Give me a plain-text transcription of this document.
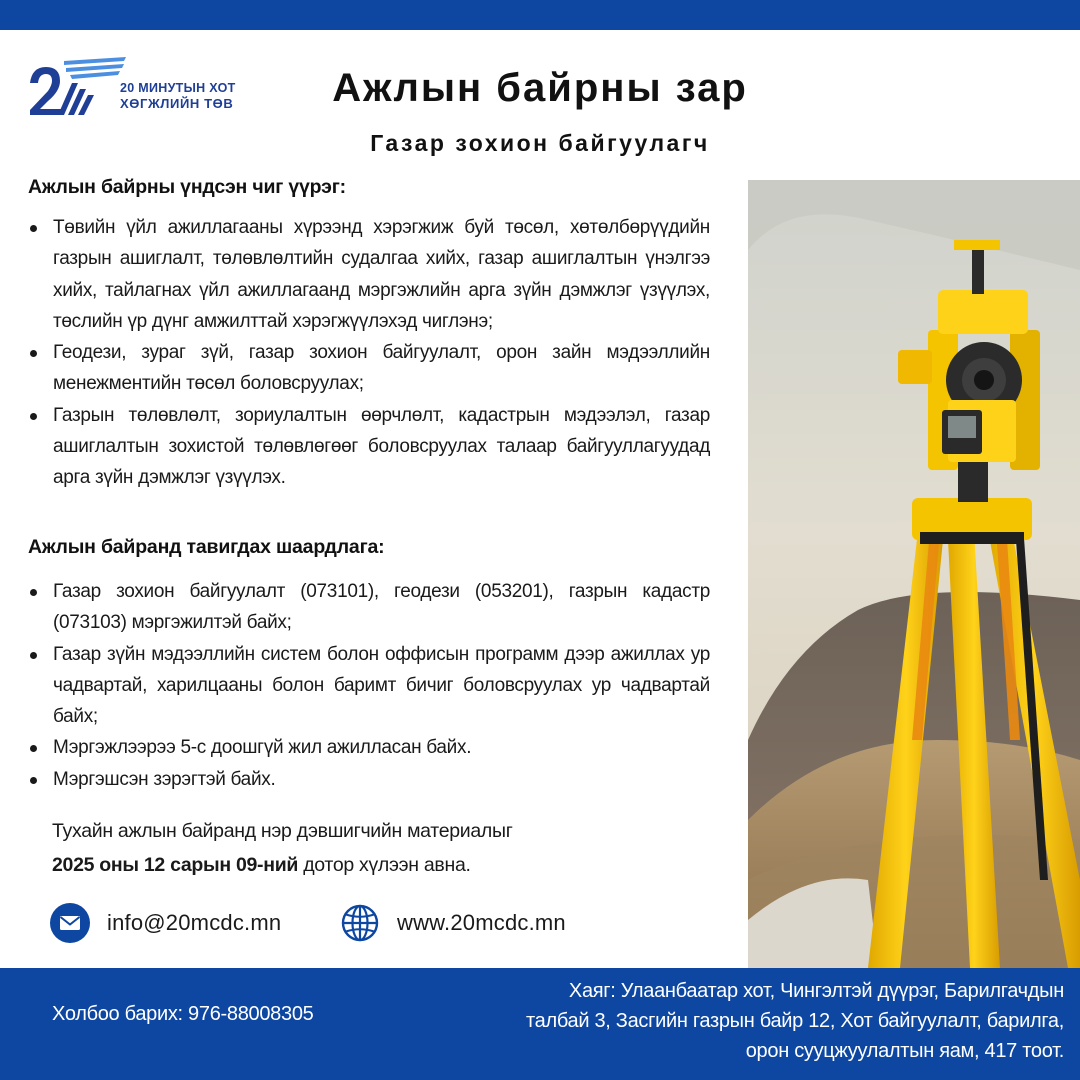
20 МИНУТЫН ХОТ
ХӨГЖЛИЙН ТӨВ	Ажлын байрны зар
Газар зохион байгуулагч
Ажлын байрны үндсэн чиг үүрэг:
Төвийн үйл ажиллагааны хүрээнд хэрэгжиж буй төсөл, хөтөлбөрүүдийн газрын ашиглалт, төлөвлөлтийн судалгаа хийх, газар ашиглалтын үнэлгээ хийх, тайлагнах үйл ажиллагаанд мэргэжлийн арга зүйн дэмжлэг үзүүлэх, төслийн үр дүнг амжилттай хэрэгжүүлэхэд чиглэнэ;
Геодези, зураг зүй, газар зохион байгуулалт, орон зайн мэдээллийн менежментийн төсөл боловсруулах;
Газрын төлөвлөлт, зориулалтын өөрчлөлт, кадастрын мэдээлэл, газар ашиглалтын зохистой төлөвлөгөөг боловсруулах талаар байгууллагуудад арга зүйн дэмжлэг үзүүлэх.
Ажлын байранд тавигдах шаардлага:
Газар зохион байгуулалт (073101), геодези (053201), газрын кадастр (073103) мэргэжилтэй байх;
Газар зүйн мэдээллийн систем болон оффисын программ дээр ажиллах ур чадвартай, харилцааны болон баримт бичиг боловсруулах ур чадвартай байх;
Мэргэжлээрээ 5-с доошгүй жил ажилласан байх.
Мэргэшсэн зэрэгтэй байх.
Тухайн ажлын байранд нэр дэвшигчийн материалыг
2025 оны 12 сарын 09-ний дотор хүлээн авна.
info@20mcdc.mn	www.20mcdc.mn
Холбоо барих: 976-88008305
Хаяг: Улаанбаатар хот, Чингэлтэй дүүрэг, Барилгачдын
талбай 3, Засгийн газрын байр 12, Хот байгуулалт, барилга,
орон сууцжуулалтын яам, 417 тоот.
